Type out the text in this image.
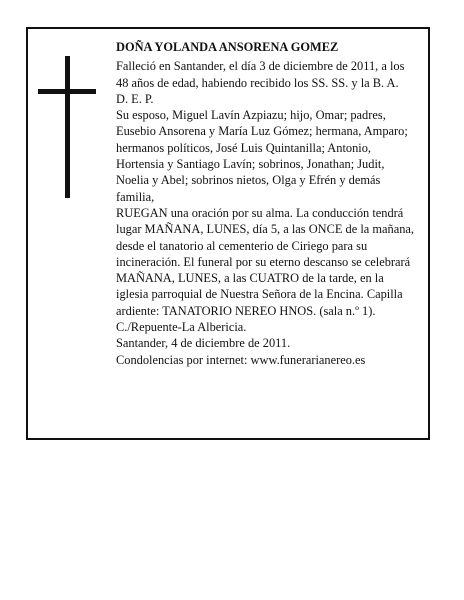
DOÑA YOLANDA ANSORENA GOMEZ

Falleció en Santander, el día 3 de diciembre de 2011, a los 48 años de edad, habiendo recibido los SS. SS. y la B. A.

D. E. P.

Su esposo, Miguel Lavín Azpiazu; hijo, Omar; padres, Eusebio Ansorena y María Luz Gómez; hermana, Amparo; hermanos políticos, José Luis Quintanilla; Antonio, Hortensia y Santiago Lavín; sobrinos, Jonathan; Judit, Noelia y Abel; sobrinos nietos, Olga y Efrén y demás familia,

RUEGAN una oración por su alma. La conducción tendrá lugar MAÑANA, LUNES, día 5, a las ONCE de la mañana, desde el tanatorio al cementerio de Ciriego para su incineración. El funeral por su eterno descanso se celebrará MAÑANA, LUNES, a las CUATRO de la tarde, en la iglesia parroquial de Nuestra Señora de la Encina. Capilla ardiente: TANATORIO NEREO HNOS. (sala n.º 1). C./Repuente-La Albericia.

Santander, 4 de diciembre de 2011.

Condolencias por internet: www.funerarianereo.es
